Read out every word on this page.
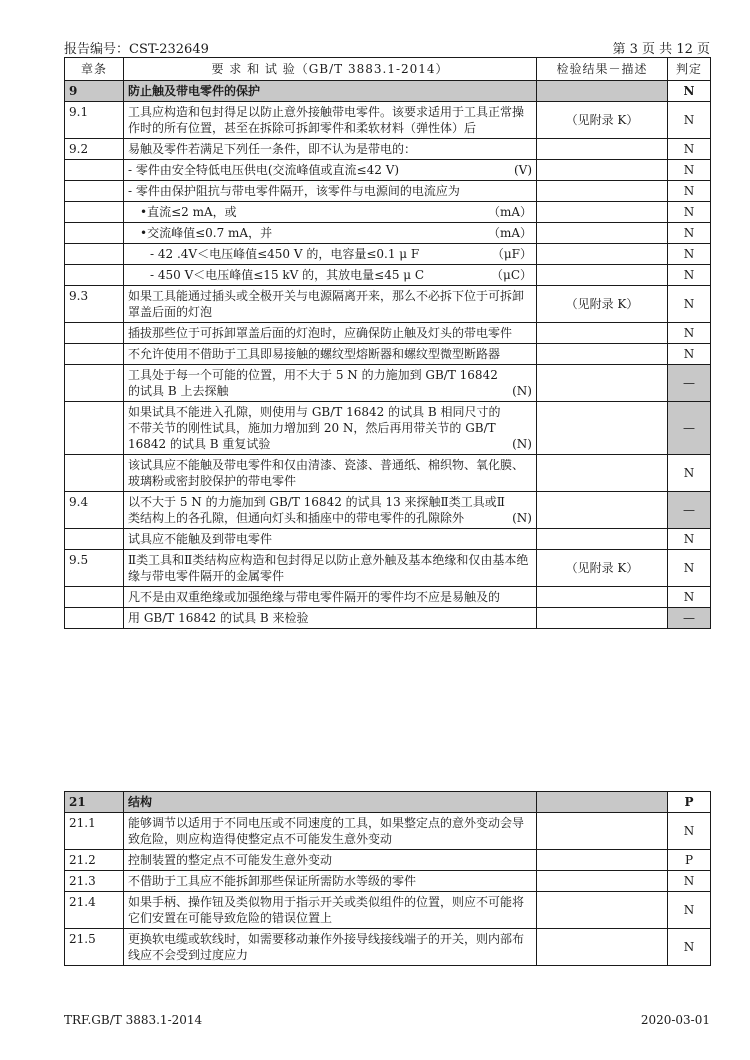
报告编号：CST-232649	第 3 页 共 12 页
章条	要 求 和 试 验（GB/T 3883.1-2014）	检验结果－描述	判定
9	防止触及带电零件的保护		N
9.1	工具应构造和包封得足以防止意外接触带电零件。该要求适用于工具正常操作时的所有位置，甚至在拆除可拆卸零件和柔软材料（弹性体）后	（见附录 K）	N
9.2	易触及零件若满足下列任一条件，即不认为是带电的：		N

	- 零件由安全特低电压供电(交流峰值或直流≤42 V) (V)		N
	- 零件由保护阻抗与带电零件隔开，该零件与电源间的电流应为		N

	•直流≤2 mA，或 （mA）		N

	•交流峰值≤0.7 mA，并 （mA）		N

	- 42 .4V＜电压峰值≤450 V 的，电容量≤0.1 μ F （μF）		N

	- 450 V＜电压峰值≤15 kV 的，其放电量≤45 μ C （μC）		N
9.3	如果工具能通过插头或全极开关与电源隔离开来，那么不必拆下位于可拆卸罩盖后面的灯泡	（见附录 K）	N
	插拔那些位于可拆卸罩盖后面的灯泡时，应确保防止触及灯头的带电零件		N
	不允许使用不借助于工具即易接触的螺纹型熔断器和螺纹型微型断路器		N

	工具处于每一个可能的位置，用不大于 5 N 的力施加到 GB/T 16842 的试具 B 上去探触 (N)		—

	如果试具不能进入孔隙，则使用与 GB/T 16842 的试具 B 相同尺寸的不带关节的刚性试具，施加力增加到 20 N，然后再用带关节的 GB/T 16842 的试具 B 重复试验 (N)		—
	该试具应不能触及带电零件和仅由清漆、瓷漆、普通纸、棉织物、氧化膜、玻璃粉或密封胶保护的带电零件		N
9.4	以不大于 5 N 的力施加到 GB/T 16842 的试具 13 来探触Ⅱ类工具或Ⅱ类结构上的各孔隙，但通向灯头和插座中的带电零件的孔隙除外 (N)		—
	试具应不能触及到带电零件		N
9.5	Ⅱ类工具和Ⅱ类结构应构造和包封得足以防止意外触及基本绝缘和仅由基本绝缘与带电零件隔开的金属零件	（见附录 K）	N
	凡不是由双重绝缘或加强绝缘与带电零件隔开的零件均不应是易触及的		N
	用 GB/T 16842 的试具 B 来检验		—
21	结构		P
21.1	能够调节以适用于不同电压或不同速度的工具，如果整定点的意外变动会导致危险，则应构造得使整定点不可能发生意外变动		N
21.2	控制装置的整定点不可能发生意外变动		P
21.3	不借助于工具应不能拆卸那些保证所需防水等级的零件		N
21.4	如果手柄、操作钮及类似物用于指示开关或类似组件的位置，则应不可能将它们安置在可能导致危险的错误位置上		N
21.5	更换软电缆或软线时，如需要移动兼作外接导线接线端子的开关，则内部布线应不会受到过度应力		N
TRF.GB/T 3883.1-2014	2020-03-01
